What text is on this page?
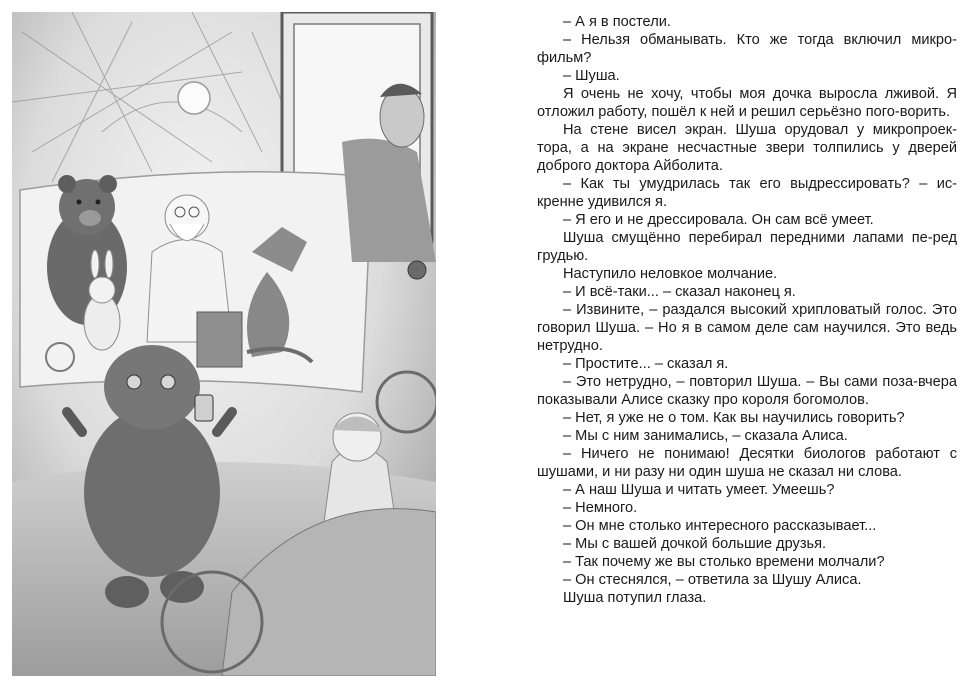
– А я в постели.

– Нельзя обманывать. Кто же тогда включил микро-фильм?

– Шуша.

Я очень не хочу, чтобы моя дочка выросла лживой. Я отложил работу, пошёл к ней и решил серьёзно пого-ворить.

На стене висел экран. Шуша орудовал у микропроек-тора, а на экране несчастные звери толпились у дверей доброго доктора Айболита.

– Как ты умудрилась так его выдрессировать? – ис-кренне удивился я.

– Я его и не дрессировала. Он сам всё умеет.

Шуша смущённо перебирал передними лапами пе-ред грудью.

Наступило неловкое молчание.

– И всё-таки... – сказал наконец я.

– Извините, – раздался высокий хрипловатый голос. Это говорил Шуша. – Но я в самом деле сам научился. Это ведь нетрудно.

– Простите... – сказал я.

– Это нетрудно, – повторил Шуша. – Вы сами поза-вчера показывали Алисе сказку про короля богомолов.

– Нет, я уже не о том. Как вы научились говорить?

– Мы с ним занимались, – сказала Алиса.

– Ничего не понимаю! Десятки биологов работают с шушами, и ни разу ни один шуша не сказал ни слова.

– А наш Шуша и читать умеет. Умеешь?

– Немного.

– Он мне столько интересного рассказывает...

– Мы с вашей дочкой большие друзья.

– Так почему же вы столько времени молчали?

– Он стеснялся, – ответила за Шушу Алиса.

Шуша потупил глаза.
